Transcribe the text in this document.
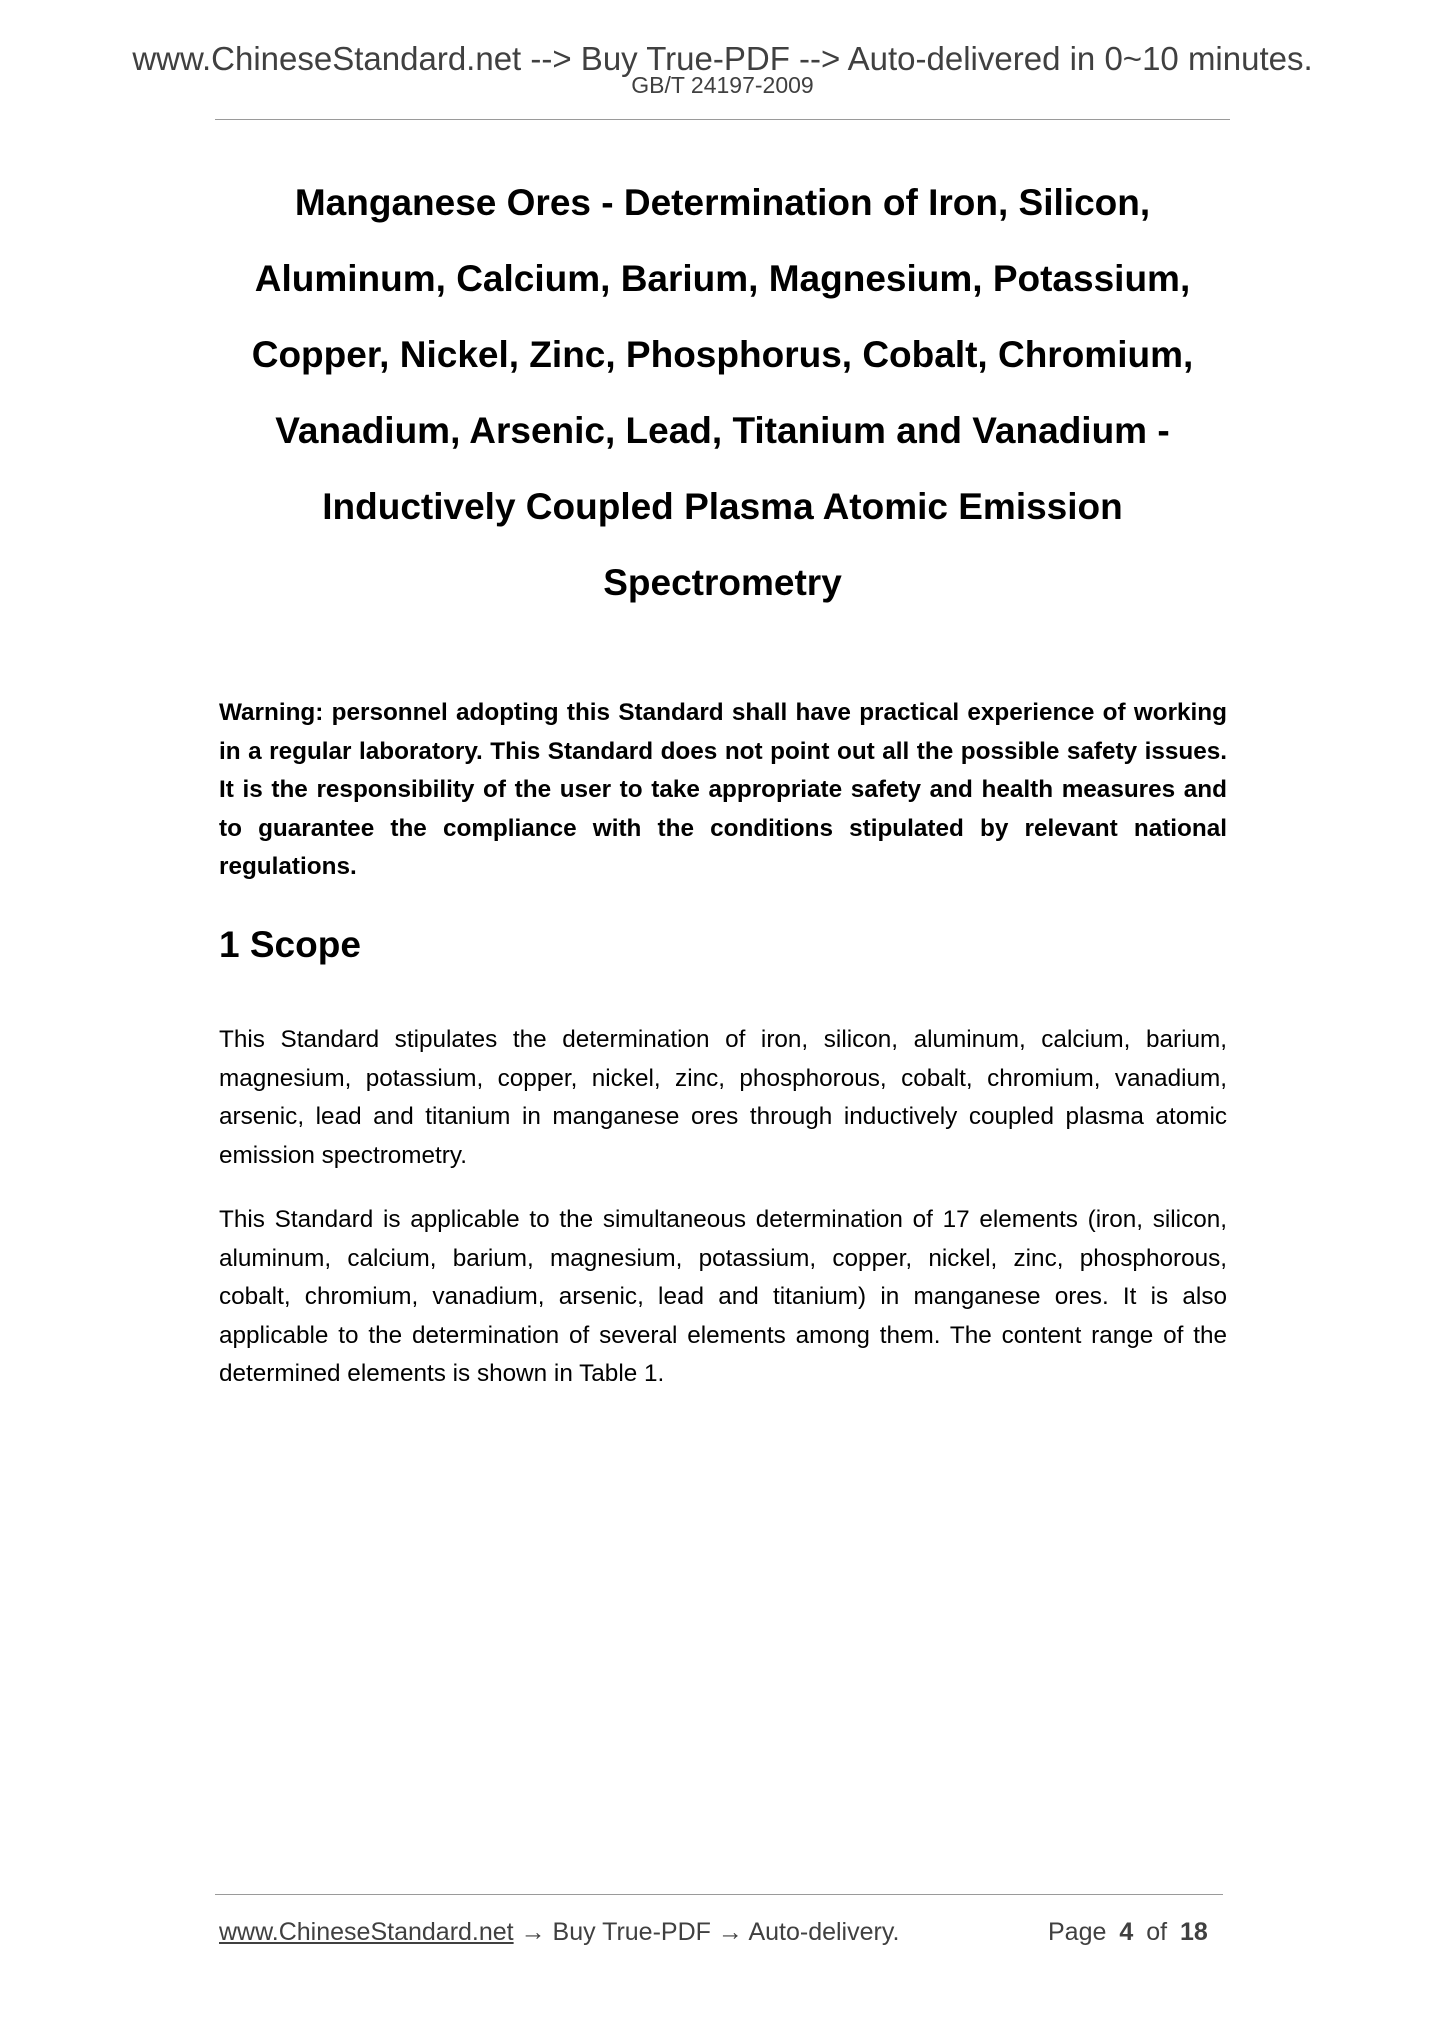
www.ChineseStandard.net --> Buy True-PDF --> Auto-delivered in 0~10 minutes.
GB/T 24197-2009
Manganese Ores - Determination of Iron, Silicon, Aluminum, Calcium, Barium, Magnesium, Potassium, Copper, Nickel, Zinc, Phosphorus, Cobalt, Chromium, Vanadium, Arsenic, Lead, Titanium and Vanadium - Inductively Coupled Plasma Atomic Emission Spectrometry

Warning: personnel adopting this Standard shall have practical experience of working in a regular laboratory. This Standard does not point out all the possible safety issues. It is the responsibility of the user to take appropriate safety and health measures and to guarantee the compliance with the conditions stipulated by relevant national regulations.

1 Scope

This Standard stipulates the determination of iron, silicon, aluminum, calcium, barium, magnesium, potassium, copper, nickel, zinc, phosphorous, cobalt, chromium, vanadium, arsenic, lead and titanium in manganese ores through inductively coupled plasma atomic emission spectrometry.

This Standard is applicable to the simultaneous determination of 17 elements (iron, silicon, aluminum, calcium, barium, magnesium, potassium, copper, nickel, zinc, phosphorous, cobalt, chromium, vanadium, arsenic, lead and titanium) in manganese ores. It is also applicable to the determination of several elements among them. The content range of the determined elements is shown in Table 1.

www.ChineseStandard.net → Buy True-PDF → Auto-delivery.	Page 4 of 18
